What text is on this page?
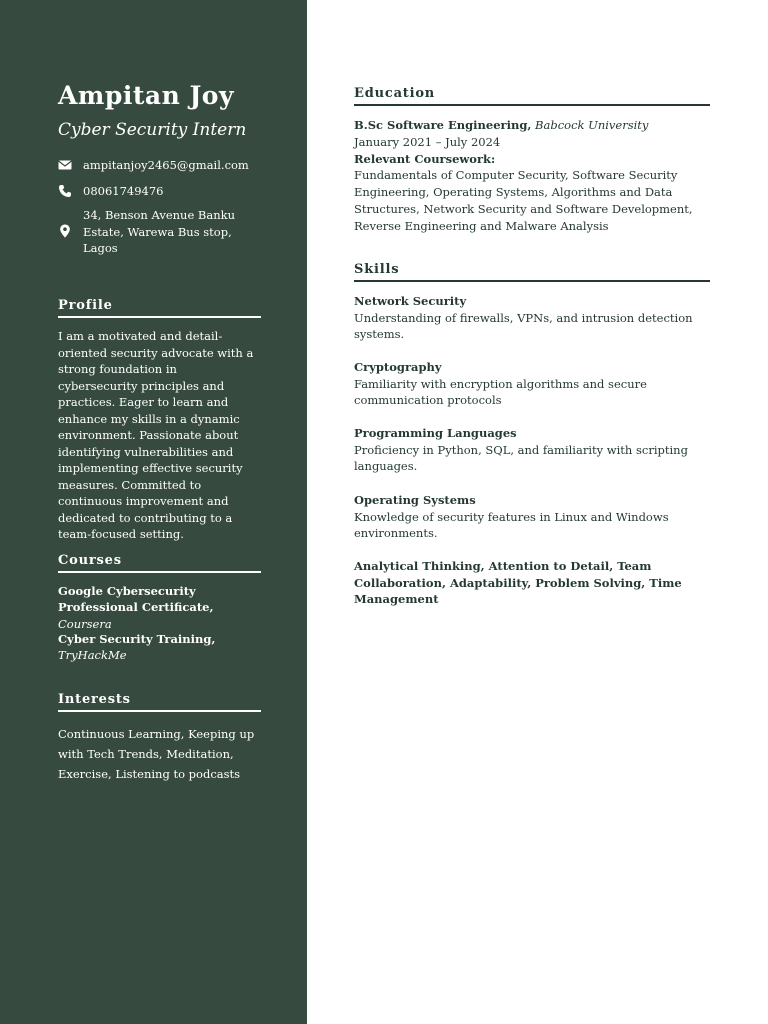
Ampitan Joy
Cyber Security Intern
ampitanjoy2465@gmail.com
08061749476
34, Benson Avenue Banku Estate, Warewa Bus stop, Lagos
Profile
I am a motivated and detail-oriented security advocate with a strong foundation in cybersecurity principles and practices. Eager to learn and enhance my skills in a dynamic environment. Passionate about identifying vulnerabilities and implementing effective security measures. Committed to continuous improvement and dedicated to contributing to a team-focused setting.
Courses
Google Cybersecurity Professional Certificate, Coursera
Cyber Security Training,
TryHackMe
Interests
Continuous Learning, Keeping up with Tech Trends, Meditation, Exercise, Listening to podcasts
Education
B.Sc Software Engineering, Babcock University
January 2021 – July 2024
Relevant Coursework:
Fundamentals of Computer Security, Software Security Engineering, Operating Systems, Algorithms and Data Structures, Network Security and Software Development, Reverse Engineering and Malware Analysis
Skills
Network Security
Understanding of firewalls, VPNs, and intrusion detection systems.
Cryptography
Familiarity with encryption algorithms and secure communication protocols
Programming Languages
Proficiency in Python, SQL, and familiarity with scripting languages.
Operating Systems
Knowledge of security features in Linux and Windows environments.
Analytical Thinking, Attention to Detail, Team Collaboration, Adaptability, Problem Solving, Time Management
